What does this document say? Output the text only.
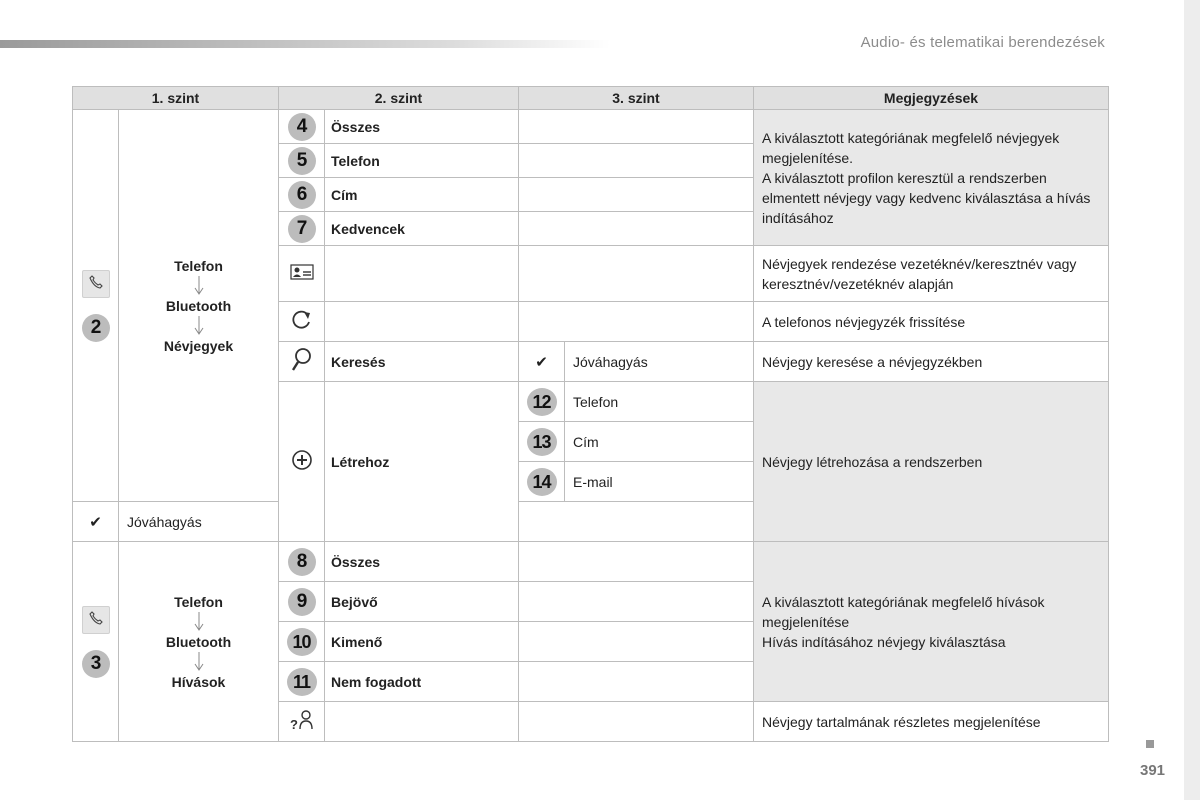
Audio- és telematikai berendezések
1. szint		2. szint		3. szint		Megjegyzések

2	Telefon
Bluetooth
Névjegyek	4	Összes			A kiválasztott kategóriának megfelelő névjegyek megjelenítése.
A kiválasztott profilon keresztül a rendszerben elmentett névjegy vagy kedvenc kiválasztása a hívás indításához

		5	Telefon			
		6	Cím			
		7	Kedvencek			
			Névjegyek rendezése vezetéknév/keresztnév vagy keresztnév/vezetéknév alapján
			A telefonos névjegyzék frissítése
	Keresés	✔	Jóváhagyás	Névjegy keresése a névjegyzékben
	Létrehoz	12	Telefon	Névjegy létrehozása a rendszerben
				13	Cím	
				14	E-mail	
✔	Jóváhagyás					

3	Telefon
Bluetooth
Hívások	8	Összes			A kiválasztott kategóriának megfelelő hívások megjelenítése
Hívás indításához névjegy kiválasztása

		9	Bejövő			
		10	Kimenő			
		11	Nem fogadott			

?				Névjegy tartalmának részletes megjelenítése
391
